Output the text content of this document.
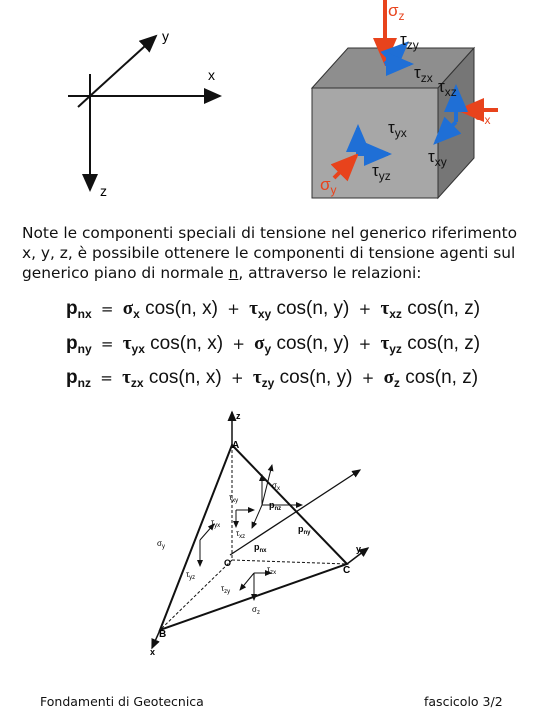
y
x
z
$\sigma_z$
$\tau_{zy}$
$\tau_{zx}$ $\tau_{xz}$
$\sigma_x$
$\tau_{yx}$
$\tau_{xy}$
$\tau_{yz}$
$\sigma_y$
Note le componenti speciali di tensione nel generico riferimento x, y, z, è possibile ottenere le componenti di tensione agenti sul generico piano di normale n, attraverso le relazioni:
$p_{nx} = \sigma_x$ cos(n, $x) + \tau_{xy}$ cos(n, $y) + \tau_{xz}$ cos(n, z)
$p_{ny} = \tau_{yx}$ cos(n, $x) + \sigma_y$ cos(n, $y) + \tau_{yz}$ cos(n, z)
$p_{nz} = \tau_{zx}$ cos(n, $x) + \tau_{zy}$ cos(n, $y) + \sigma_z$ cos(n, z)
A
z
B
x
C
y
O
$\sigma_x$
$\tau_{xy}$	$p_{nz}$
$\tau_{yx}$
$\tau_{xz}$
$p_{ny}$
$\sigma_y$	$p_{nx}$
$\tau_{yz}$
$\tau_{zx}$
$\tau_{zy}$
$\sigma_z$
Fondamenti di Geotecnica	fascicolo 3/2
